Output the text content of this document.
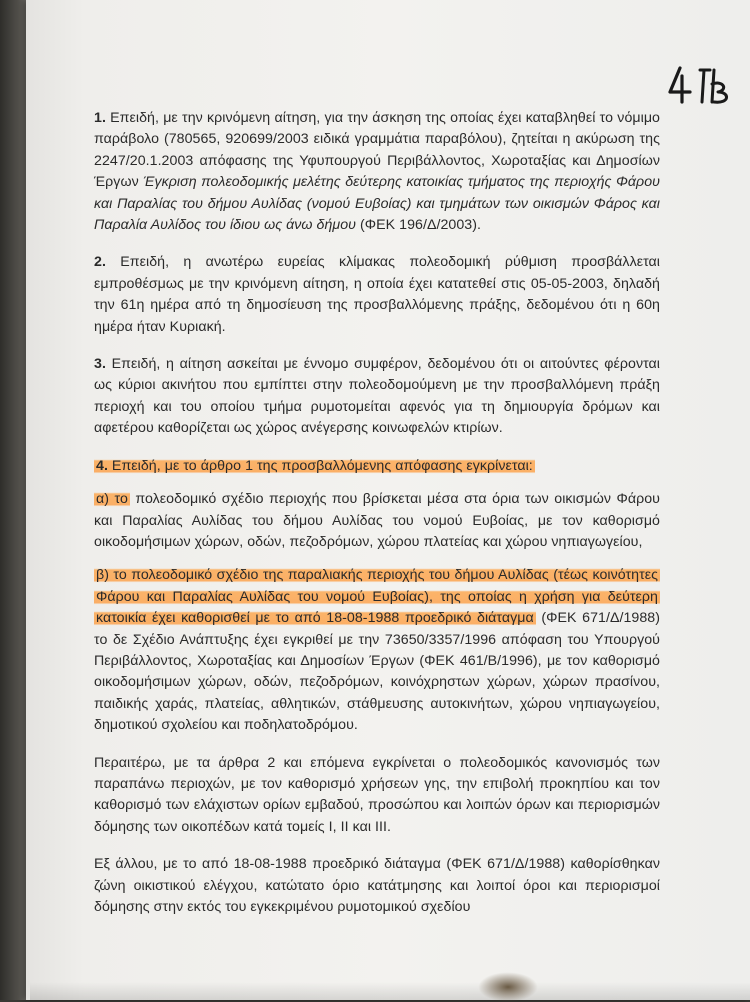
1. Επειδή, με την κρινόμενη αίτηση, για την άσκηση της οποίας έχει καταβληθεί το νόμιμο παράβολο (780565, 920699/2003 ειδικά γραμμάτια παραβόλου), ζητείται η ακύρωση της 2247/20.1.2003 απόφασης της Υφυπουργού Περιβάλλοντος, Χωροταξίας και Δημοσίων Έργων Έγκριση πολεοδομικής μελέτης δεύτερης κατοικίας τμήματος της περιοχής Φάρου και Παραλίας του δήμου Αυλίδας (νομού Ευβοίας) και τμημάτων των οικισμών Φάρος και Παραλία Αυλίδος του ίδιου ως άνω δήμου (ΦΕΚ 196/Δ/2003).

2. Επειδή, η ανωτέρω ευρείας κλίμακας πολεοδομική ρύθμιση προσβάλλεται εμπροθέσμως με την κρινόμενη αίτηση, η οποία έχει κατατεθεί στις 05-05-2003, δηλαδή την 61η ημέρα από τη δημοσίευση της προσβαλλόμενης πράξης, δεδομένου ότι η 60η ημέρα ήταν Κυριακή.

3. Επειδή, η αίτηση ασκείται με έννομο συμφέρον, δεδομένου ότι οι αιτούντες φέρονται ως κύριοι ακινήτου που εμπίπτει στην πολεοδομούμενη με την προσβαλλόμενη πράξη περιοχή και του οποίου τμήμα ρυμοτομείται αφενός για τη δημιουργία δρόμων και αφετέρου καθορίζεται ως χώρος ανέγερσης κοινωφελών κτιρίων.

4. Επειδή, με το άρθρο 1 της προσβαλλόμενης απόφασης εγκρίνεται:

α) το πολεοδομικό σχέδιο περιοχής που βρίσκεται μέσα στα όρια των οικισμών Φάρου και Παραλίας Αυλίδας του δήμου Αυλίδας του νομού Ευβοίας, με τον καθορισμό οικοδομήσιμων χώρων, οδών, πεζοδρόμων, χώρου πλατείας και χώρου νηπιαγωγείου,

β) το πολεοδομικό σχέδιο της παραλιακής περιοχής του δήμου Αυλίδας (τέως κοινότητες Φάρου και Παραλίας Αυλίδας του νομού Ευβοίας), της οποίας η χρήση για δεύτερη κατοικία έχει καθορισθεί με το από 18-08-1988 προεδρικό διάταγμα (ΦΕΚ 671/Δ/1988) το δε Σχέδιο Ανάπτυξης έχει εγκριθεί με την 73650/3357/1996 απόφαση του Υπουργού Περιβάλλοντος, Χωροταξίας και Δημοσίων Έργων (ΦΕΚ 461/Β/1996), με τον καθορισμό οικοδομήσιμων χώρων, οδών, πεζοδρόμων, κοινόχρηστων χώρων, χώρων πρασίνου, παιδικής χαράς, πλατείας, αθλητικών, στάθμευσης αυτοκινήτων, χώρου νηπιαγωγείου, δημοτικού σχολείου και ποδηλατοδρόμου.

Περαιτέρω, με τα άρθρα 2 και επόμενα εγκρίνεται ο πολεοδομικός κανονισμός των παραπάνω περιοχών, με τον καθορισμό χρήσεων γης, την επιβολή προκηπίου και τον καθορισμό των ελάχιστων ορίων εμβαδού, προσώπου και λοιπών όρων και περιορισμών δόμησης των οικοπέδων κατά τομείς Ι, ΙΙ και ΙΙΙ.

Εξ άλλου, με το από 18-08-1988 προεδρικό διάταγμα (ΦΕΚ 671/Δ/1988) καθορίσθηκαν ζώνη οικιστικού ελέγχου, κατώτατο όριο κατάτμησης και λοιποί όροι και περιορισμοί δόμησης στην εκτός του εγκεκριμένου ρυμοτομικού σχεδίου
